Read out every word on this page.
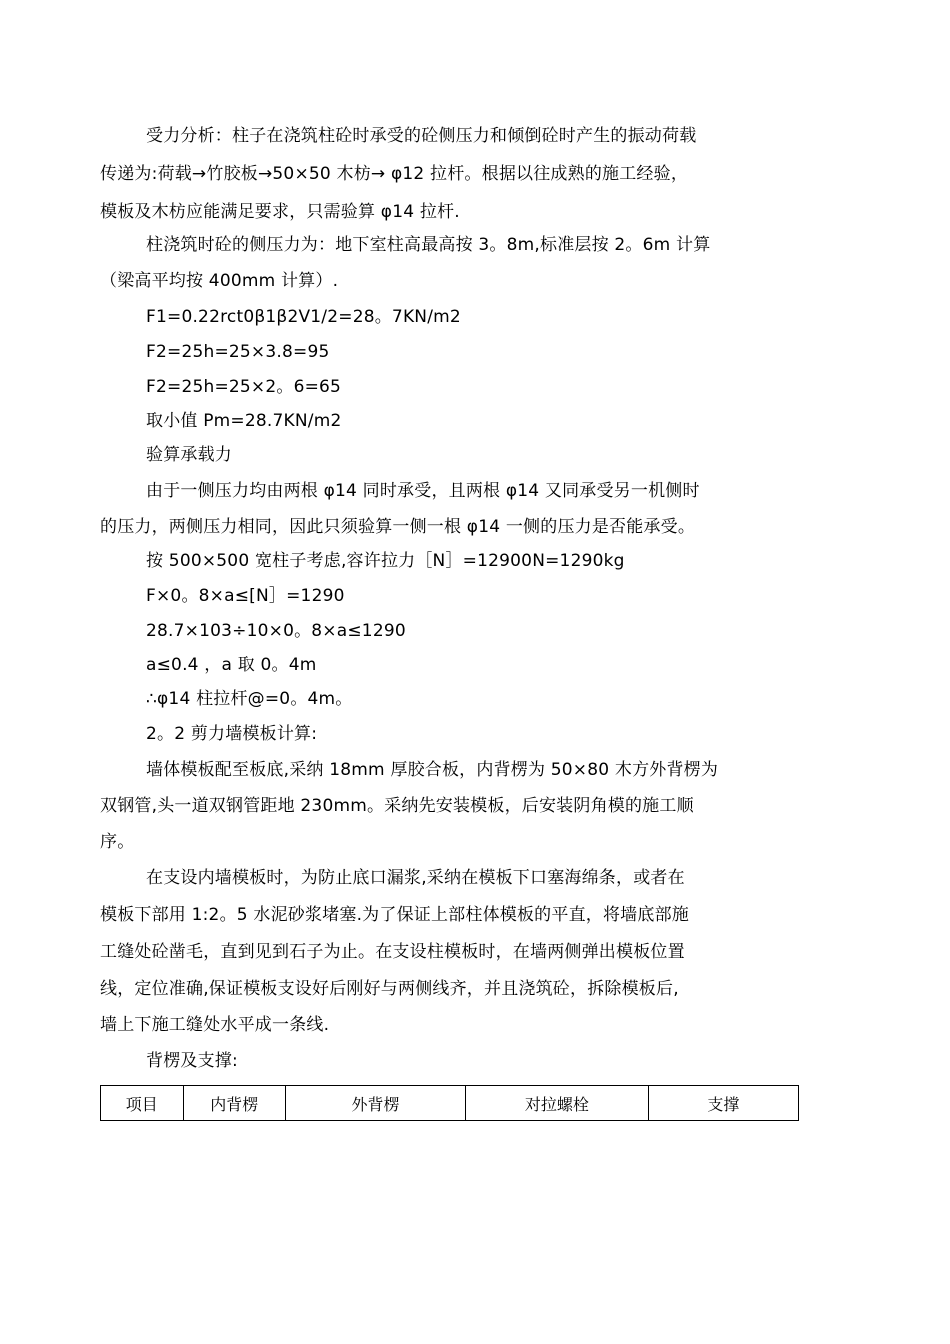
受力分析：柱子在浇筑柱砼时承受的砼侧压力和倾倒砼时产生的振动荷载
传递为:荷载→竹胶板→50×50 木枋→ φ12 拉杆。根据以往成熟的施工经验，
模板及木枋应能满足要求，只需验算 φ14 拉杆.
柱浇筑时砼的侧压力为：地下室柱高最高按 3。8m,标准层按 2。6m 计算
（梁高平均按 400mm 计算）.
F1=0.22rct0β1β2V1/2=28。7KN/m2
F2=25h=25×3.8=95
F2=25h=25×2。6=65
取小值 Pm=28.7KN/m2
验算承载力
由于一侧压力均由两根 φ14 同时承受，且两根 φ14 又同承受另一机侧时
的压力，两侧压力相同，因此只须验算一侧一根 φ14 一侧的压力是否能承受。
按 500×500 宽柱子考虑,容许拉力［N］=12900N=1290kg
F×0。8×a≤[N］=1290
28.7×103÷10×0。8×a≤1290
a≤0.4 ，a 取 0。4m
∴φ14 柱拉杆@=0。4m。
2。2 剪力墙模板计算:
墙体模板配至板底,采纳 18mm 厚胶合板，内背楞为 50×80 木方外背楞为
双钢管,头一道双钢管距地 230mm。采纳先安装模板，后安装阴角模的施工顺
序。
在支设内墙模板时，为防止底口漏浆,采纳在模板下口塞海绵条，或者在
模板下部用 1:2。5 水泥砂浆堵塞.为了保证上部柱体模板的平直，将墙底部施
工缝处砼凿毛，直到见到石子为止。在支设柱模板时，在墙两侧弹出模板位置
线，定位准确,保证模板支设好后刚好与两侧线齐，并且浇筑砼，拆除模板后,
墙上下施工缝处水平成一条线.
背楞及支撑:
项目	内背楞	外背楞	对拉螺栓	支撑
